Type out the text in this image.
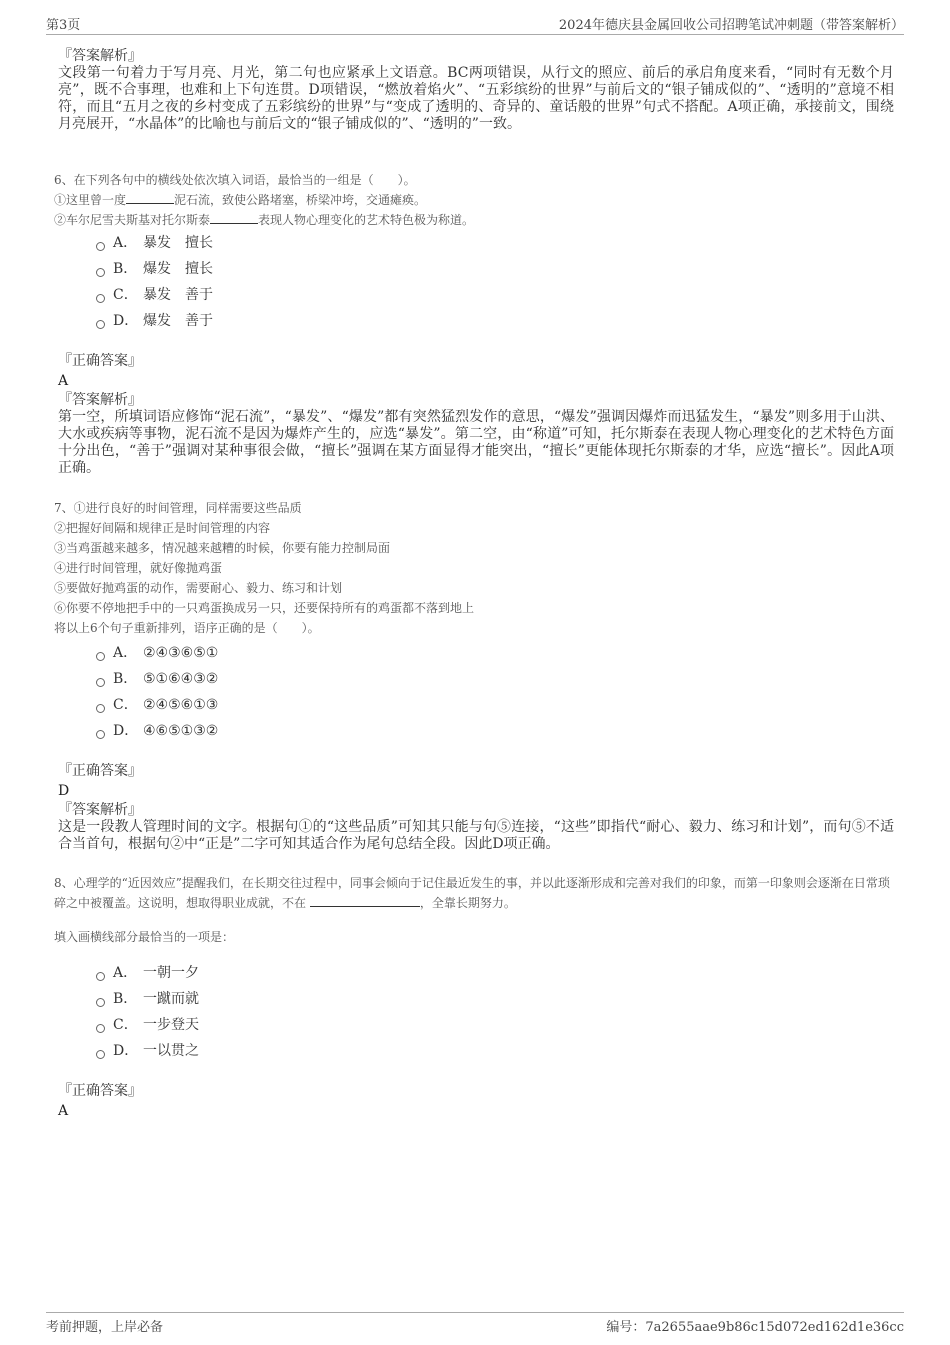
第3页	2024年德庆县金属回收公司招聘笔试冲刺题（带答案解析）
『答案解析』
文段第一句着力于写月亮、月光，第二句也应紧承上文语意。BC两项错误，从行文的照应、前后的承启角度来看，“同时有无数个月亮”，既不合事理，也难和上下句连贯。D项错误，“燃放着焰火”、“五彩缤纷的世界”与前后文的“银子铺成似的”、“透明的”意境不相符，而且“五月之夜的乡村变成了五彩缤纷的世界”与“变成了透明的、奇异的、童话般的世界”句式不搭配。A项正确，承接前文，围绕月亮展开，“水晶体”的比喻也与前后文的“银子铺成似的”、“透明的”一致。
6、在下列各句中的横线处依次填入词语，最恰当的一组是（　　）。
①这里曾一度	泥石流，致使公路堵塞，桥梁冲垮，交通瘫痪。
②车尔尼雪夫斯基对托尔斯泰	表现人物心理变化的艺术特色极为称道。
A． 暴发　擅长
B． 爆发　擅长
C． 暴发　善于
D． 爆发　善于
『正确答案』
A
『答案解析』
第一空，所填词语应修饰“泥石流”，“暴发”、“爆发”都有突然猛烈发作的意思，“爆发”强调因爆炸而迅猛发生，“暴发”则多用于山洪、大水或疾病等事物，泥石流不是因为爆炸产生的，应选“暴发”。第二空，由“称道”可知，托尔斯泰在表现人物心理变化的艺术特色方面十分出色，“善于”强调对某种事很会做，“擅长”强调在某方面显得才能突出，“擅长”更能体现托尔斯泰的才华，应选“擅长”。因此A项正确。
7、①进行良好的时间管理，同样需要这些品质
②把握好间隔和规律正是时间管理的内容
③当鸡蛋越来越多，情况越来越糟的时候，你要有能力控制局面
④进行时间管理，就好像抛鸡蛋
⑤要做好抛鸡蛋的动作，需要耐心、毅力、练习和计划
⑥你要不停地把手中的一只鸡蛋换成另一只，还要保持所有的鸡蛋都不落到地上
将以上6个句子重新排列，语序正确的是（　　）。
A． ②④③⑥⑤①
B． ⑤①⑥④③②
C． ②④⑤⑥①③
D． ④⑥⑤①③②
『正确答案』
D
『答案解析』
这是一段教人管理时间的文字。根据句①的“这些品质”可知其只能与句⑤连接，“这些”即指代“耐心、毅力、练习和计划”，而句⑤不适合当首句，根据句②中“正是”二字可知其适合作为尾句总结全段。因此D项正确。
8、心理学的“近因效应”提醒我们，在长期交往过程中，同事会倾向于记住最近发生的事，并以此逐渐形成和完善对我们的印象，而第一印象则会逐渐在日常琐碎之中被覆盖。这说明，想取得职业成就，不在	，全靠长期努力。
填入画横线部分最恰当的一项是：
A． 一朝一夕
B． 一蹴而就
C． 一步登天
D． 一以贯之
『正确答案』
A
考前押题，上岸必备	编号：7a2655aae9b86c15d072ed162d1e36cc
